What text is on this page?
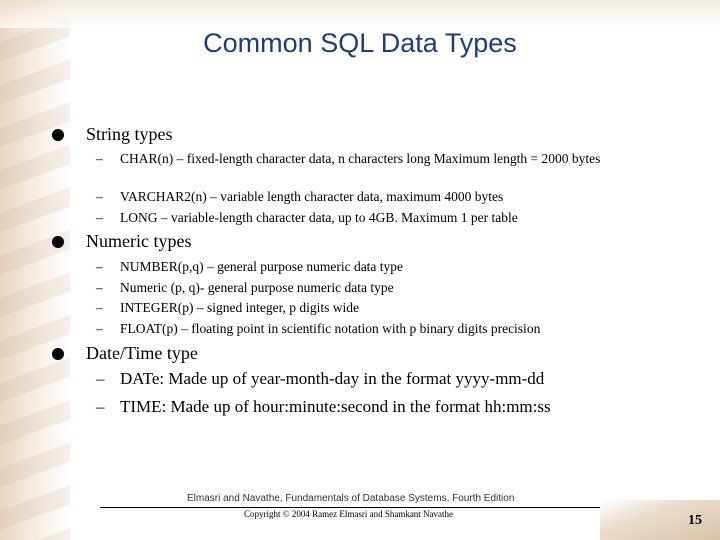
Common SQL Data Types
String types
–	CHAR(n) – fixed-length character data, n characters long Maximum length = 2000 bytes
–	VARCHAR2(n) – variable length character data, maximum 4000 bytes
–	LONG – variable-length character data, up to 4GB. Maximum 1 per table
Numeric types
–	NUMBER(p,q) – general purpose numeric data type
–	Numeric (p, q)- general purpose numeric data type
–	INTEGER(p) – signed integer, p digits wide
–	FLOAT(p) – floating point in scientific notation with p binary digits precision
Date/Time type
– DATe: Made up of year-month-day in the format yyyy-mm-dd
– TIME: Made up of hour:minute:second in the format hh:mm:ss
Elmasri and Navathe, Fundamentals of Database Systems, Fourth Edition
Copyright © 2004 Ramez Elmasri and Shamkant Navathe	15
